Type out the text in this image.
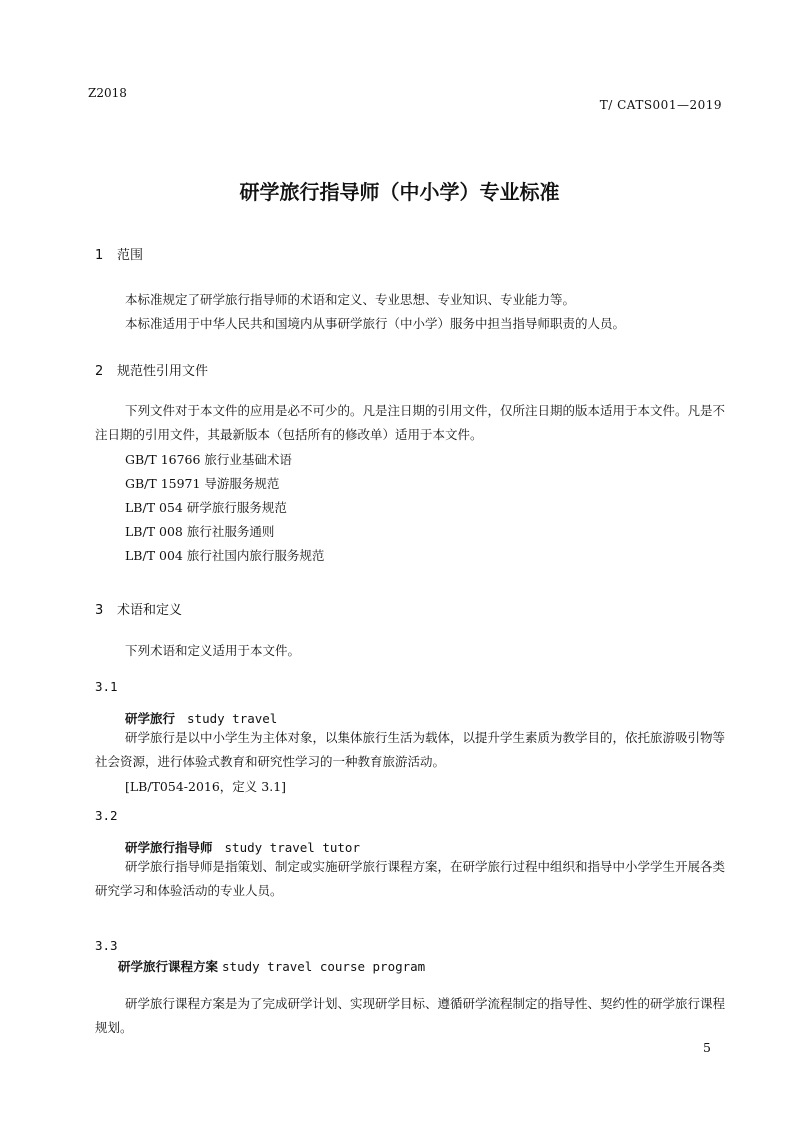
Z2018
T/ CATS001—2019
研学旅行指导师（中小学）专业标准
1 范围
本标准规定了研学旅行指导师的术语和定义、专业思想、专业知识、专业能力等。
本标准适用于中华人民共和国境内从事研学旅行（中小学）服务中担当指导师职责的人员。
2 规范性引用文件
下列文件对于本文件的应用是必不可少的。凡是注日期的引用文件，仅所注日期的版本适用于本文件。凡是不注日期的引用文件，其最新版本（包括所有的修改单）适用于本文件。
GB/T 16766 旅行业基础术语
GB/T 15971 导游服务规范
LB/T 054 研学旅行服务规范
LB/T 008 旅行社服务通则
LB/T 004 旅行社国内旅行服务规范
3 术语和定义
下列术语和定义适用于本文件。
3.1
研学旅行 study travel
研学旅行是以中小学生为主体对象，以集体旅行生活为载体，以提升学生素质为教学目的，依托旅游吸引物等社会资源，进行体验式教育和研究性学习的一种教育旅游活动。
[LB/T054-2016，定义 3.1]
3.2
研学旅行指导师 study travel tutor
研学旅行指导师是指策划、制定或实施研学旅行课程方案，在研学旅行过程中组织和指导中小学学生开展各类研究学习和体验活动的专业人员。
3.3
研学旅行课程方案 study travel course program
研学旅行课程方案是为了完成研学计划、实现研学目标、遵循研学流程制定的指导性、契约性的研学旅行课程规划。
5
